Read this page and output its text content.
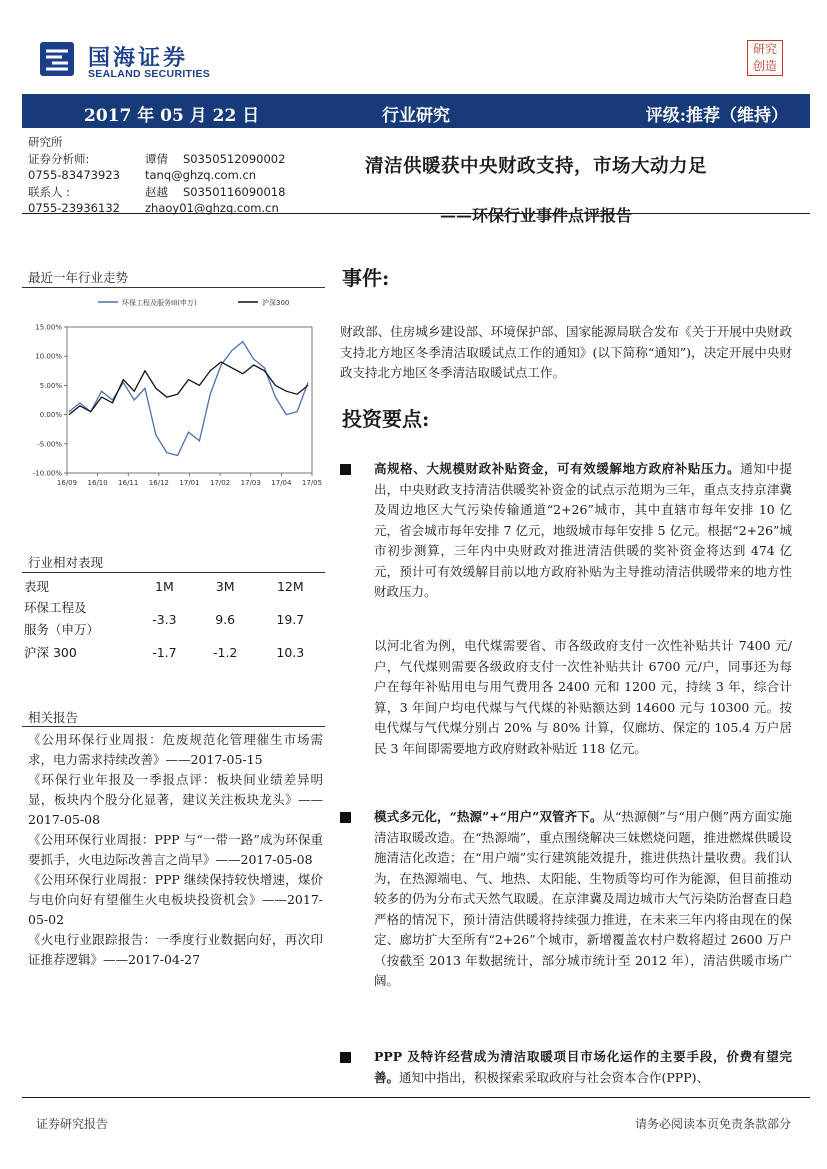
国海证券
SEALAND SECURITIES
研究
创造
2017 年 05 月 22 日	行业研究	评级:推荐（维持）
研究所
证券分析师:	谭倩 S0350512090002
0755-83473923 tanq@ghzq.com.cn
联系人 :	赵越 S0350116090018
0755-23936132 zhaoy01@ghzq.com.cn
清洁供暖获中央财政支持，市场大动力足
——环保行业事件点评报告
最近一年行业走势
环保工程及服务III(申万)	沪深300
15.00%
10.00%
5.00%
0.00%
-5.00%
-10.00%
16/09 16/10 16/11 16/12 17/01 17/02 17/03 17/04 17/05
行业相对表现
表现	1M	3M	12M

环保工程及
服务（申万）	-3.3	9.6	19.7
沪深 300	-1.7	-1.2	10.3
相关报告
《公用环保行业周报：危废规范化管理催生市场需求，电力需求持续改善》——2017-05-15
《环保行业年报及一季报点评：板块间业绩差异明显，板块内个股分化显著，建议关注板块龙头》——2017-05-08
《公用环保行业周报：PPP 与“一带一路”成为环保重要抓手，火电边际改善言之尚早》——2017-05-08
《公用环保行业周报：PPP 继续保持较快增速，煤价与电价向好有望催生火电板块投资机会》——2017-05-02
《火电行业跟踪报告：一季度行业数据向好，再次印证推荐逻辑》——2017-04-27
事件:
财政部、住房城乡建设部、环境保护部、国家能源局联合发布《关于开展中央财政支持北方地区冬季清洁取暖试点工作的通知》(以下简称“通知”)，决定开展中央财政支持北方地区冬季清洁取暖试点工作。
投资要点:
高规格、大规模财政补贴资金，可有效缓解地方政府补贴压力。通知中提出，中央财政支持清洁供暖奖补资金的试点示范期为三年，重点支持京津冀及周边地区大气污染传输通道“2+26”城市，其中直辖市每年安排 10 亿元，省会城市每年安排 7 亿元，地级城市每年安排 5 亿元。根据“2+26”城市初步测算，三年内中央财政对推进清洁供暖的奖补资金将达到 474 亿元，预计可有效缓解目前以地方政府补贴为主导推动清洁供暖带来的地方性财政压力。
以河北省为例，电代煤需要省、市各级政府支付一次性补贴共计 7400 元/户，气代煤则需要各级政府支付一次性补贴共计 6700 元/户，同事还为每户在每年补贴用电与用气费用各 2400 元和 1200 元，持续 3 年，综合计算，3 年间户均电代煤与气代煤的补贴额达到 14600 元与 10300 元。按电代煤与气代煤分别占 20% 与 80% 计算，仅廊坊、保定的 105.4 万户居民 3 年间即需要地方政府财政补贴近 118 亿元。
模式多元化，“热源”+“用户”双管齐下。从“热源侧”与“用户侧”两方面实施清洁取暖改造。在“热源端”，重点围绕解决三妹燃烧问题，推进燃煤供暖设施清洁化改造；在“用户端”实行建筑能效提升，推进供热计量收费。我们认为，在热源端电、气、地热、太阳能、生物质等均可作为能源，但目前推动较多的仍为分布式天然气取暖。在京津冀及周边城市大气污染防治督查日趋严格的情况下，预计清洁供暖将持续强力推进，在未来三年内将由现在的保定、廊坊扩大至所有“2+26”个城市，新增覆盖农村户数将超过 2600 万户（按截至 2013 年数据统计，部分城市统计至 2012 年），清洁供暖市场广阔。
PPP 及特许经营成为清洁取暖项目市场化运作的主要手段，价费有望完善。通知中指出，积极探索采取政府与社会资本合作(PPP)、
证券研究报告	请务必阅读本页免责条款部分
